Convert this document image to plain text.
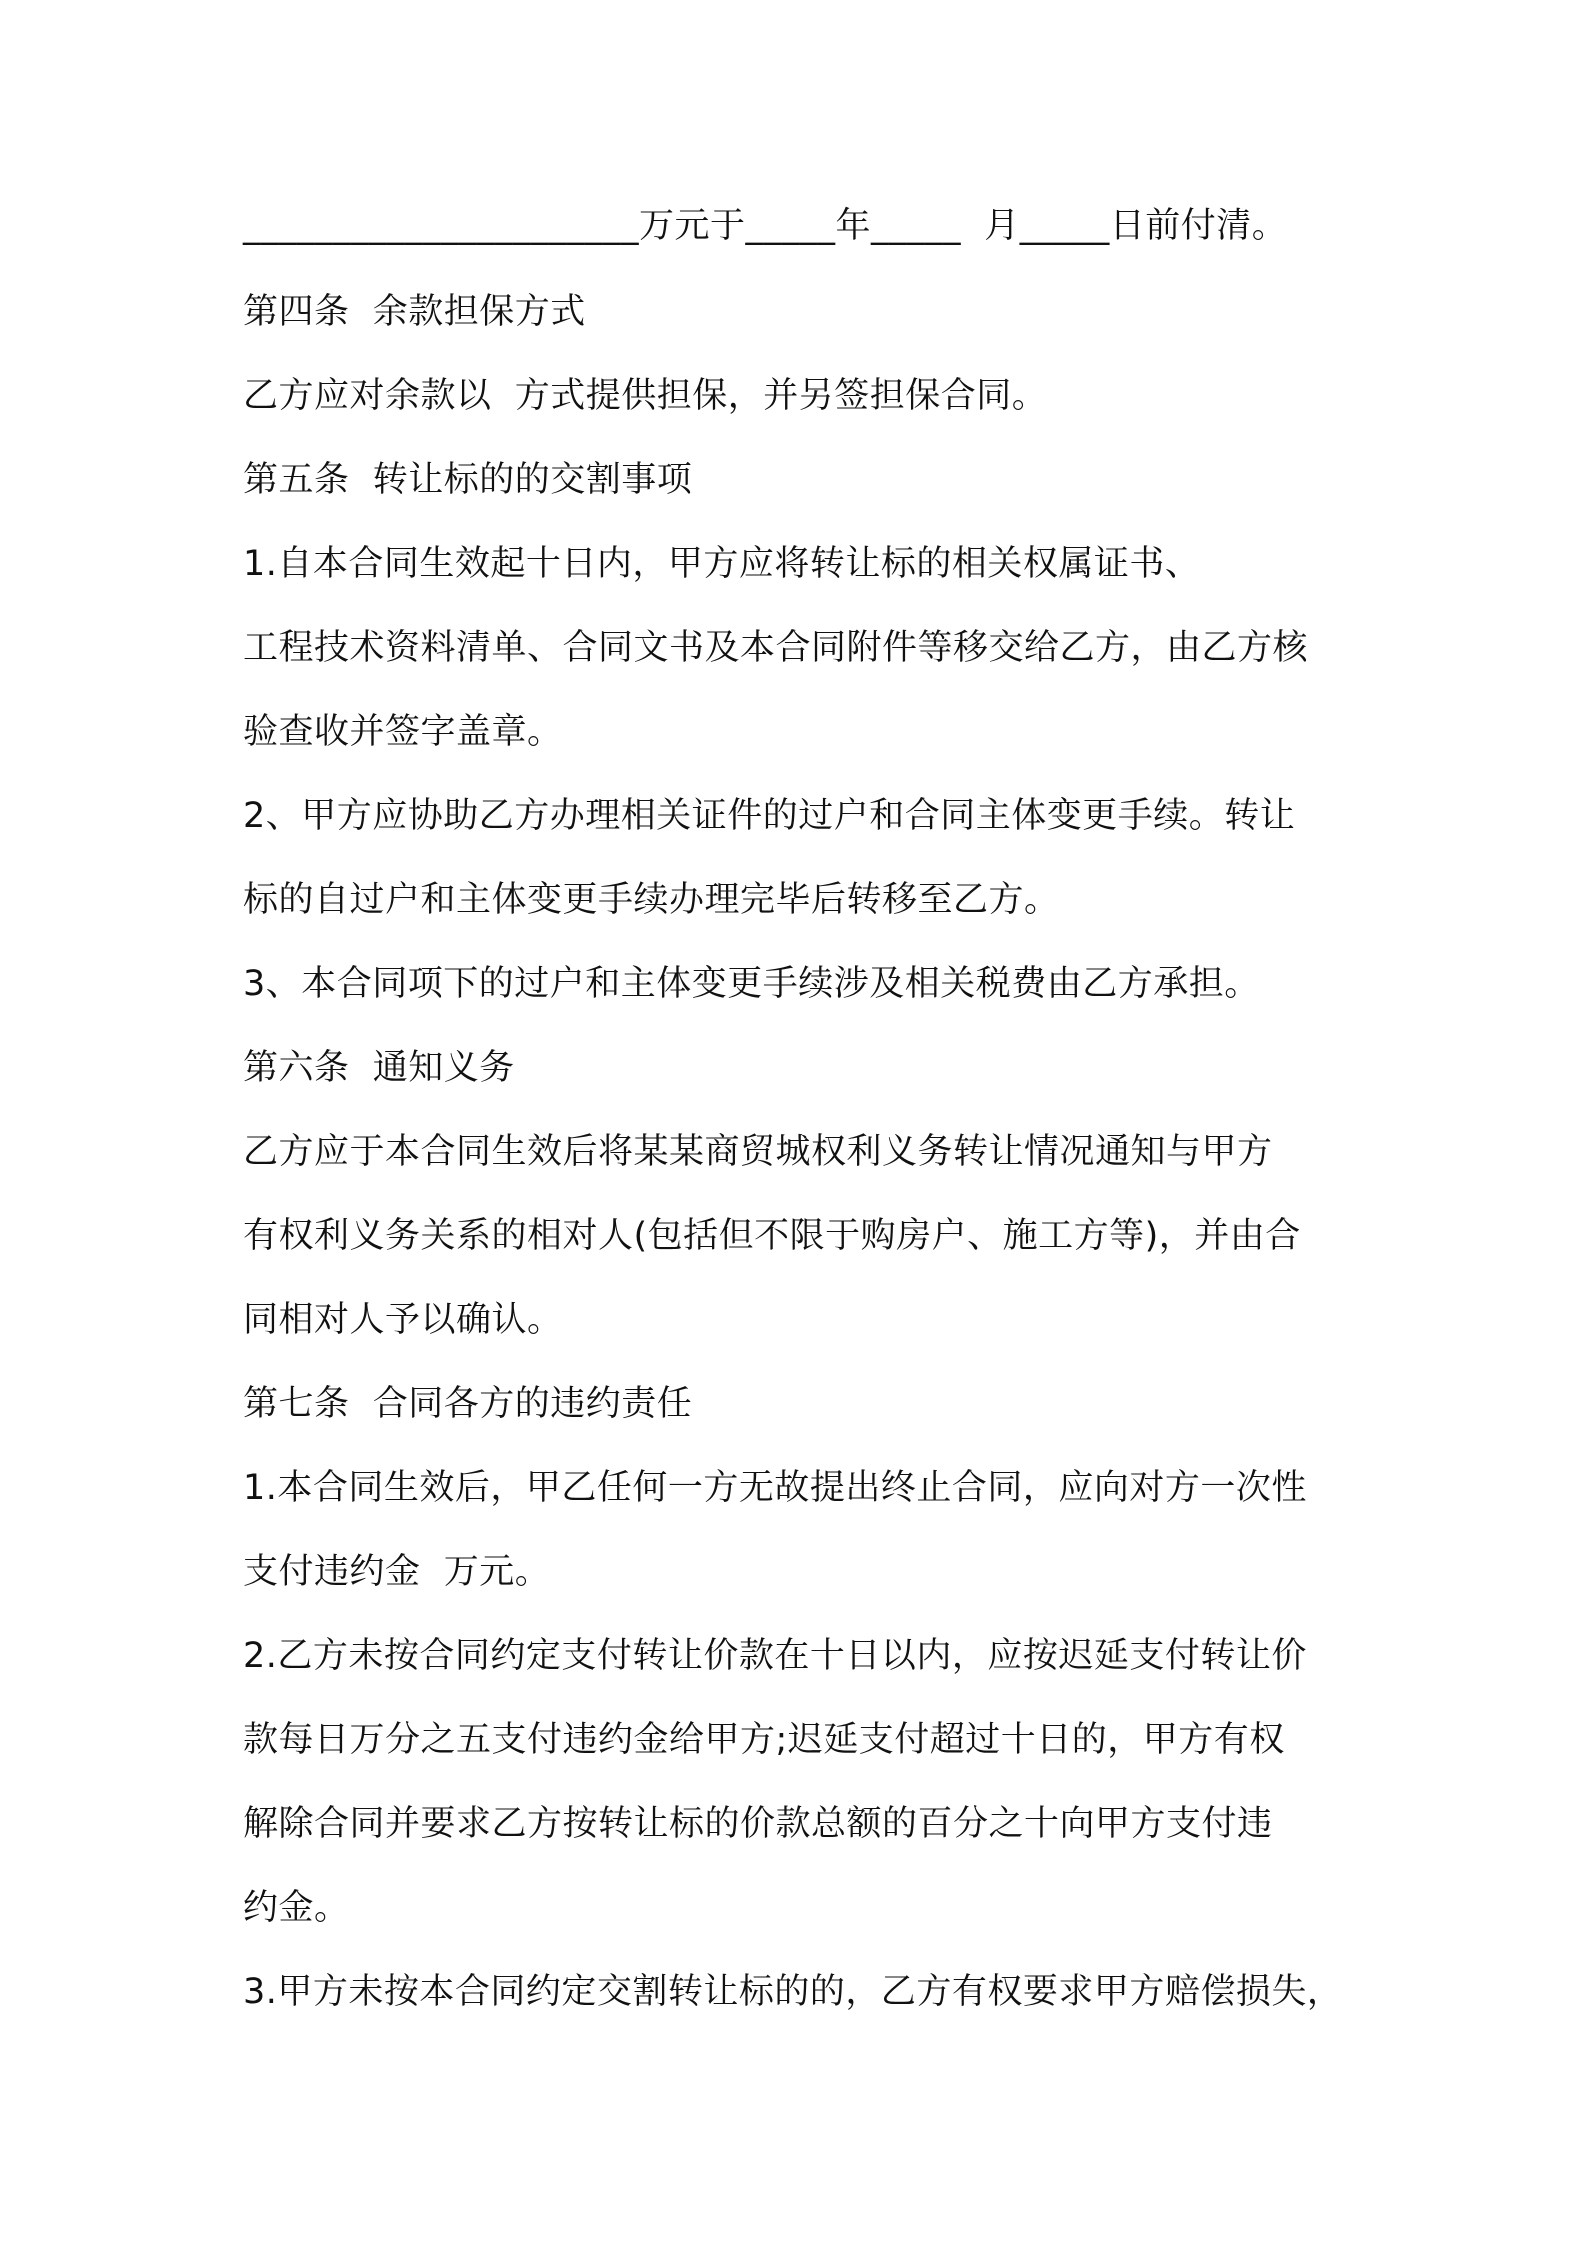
______________________万元于_____年_____  月_____日前付清。
第四条  余款担保方式
乙方应对余款以  方式提供担保，并另签担保合同。
第五条  转让标的的交割事项
1.自本合同生效起十日内，甲方应将转让标的相关权属证书、
工程技术资料清单、合同文书及本合同附件等移交给乙方，由乙方核
验查收并签字盖章。
2、甲方应协助乙方办理相关证件的过户和合同主体变更手续。转让
标的自过户和主体变更手续办理完毕后转移至乙方。
3、本合同项下的过户和主体变更手续涉及相关税费由乙方承担。
第六条  通知义务
乙方应于本合同生效后将某某商贸城权利义务转让情况通知与甲方
有权利义务关系的相对人(包括但不限于购房户、施工方等)，并由合
同相对人予以确认。
第七条  合同各方的违约责任
1.本合同生效后，甲乙任何一方无故提出终止合同，应向对方一次性
支付违约金  万元。
2.乙方未按合同约定支付转让价款在十日以内，应按迟延支付转让价
款每日万分之五支付违约金给甲方;迟延支付超过十日的，甲方有权
解除合同并要求乙方按转让标的价款总额的百分之十向甲方支付违
约金。
3.甲方未按本合同约定交割转让标的的，乙方有权要求甲方赔偿损失，
